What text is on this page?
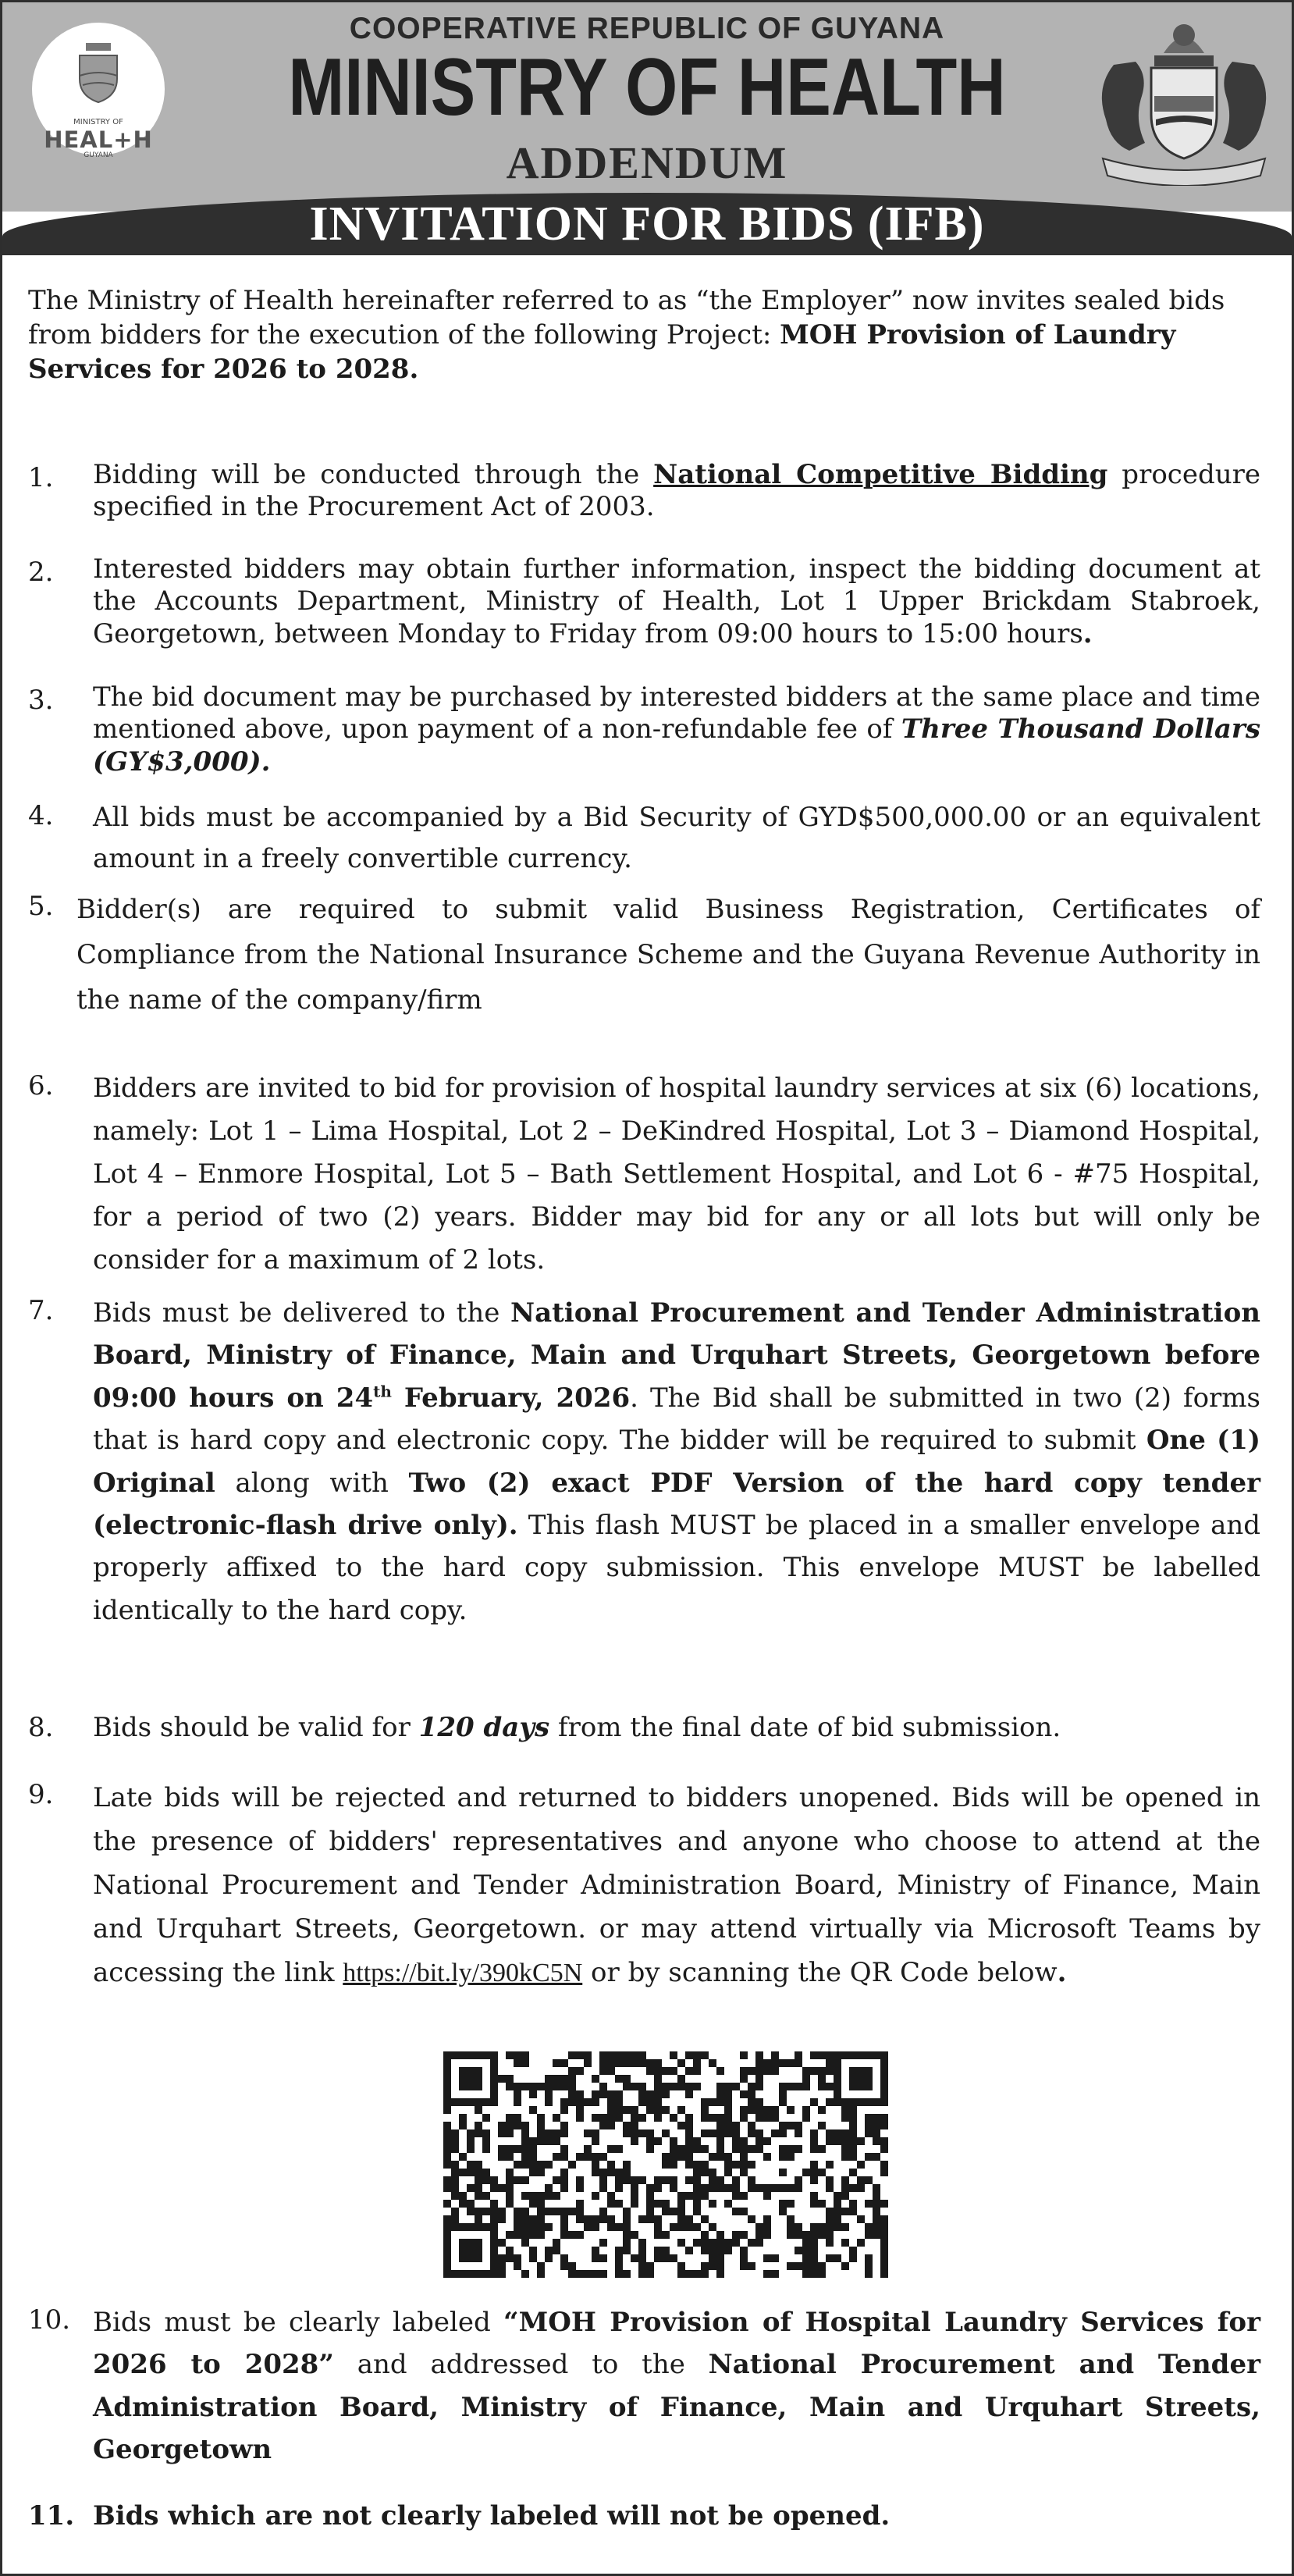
MINISTRY OF
HEAL+H
GUYANA
COOPERATIVE REPUBLIC OF GUYANA
MINISTRY OF HEALTH
ADDENDUM
INVITATION FOR BIDS (IFB)
The Ministry of Health hereinafter referred to as “the Employer” now invites sealed bids from bidders for the execution of the following Project: MOH Provision of Laundry Services for 2026 to 2028.
1.	Bidding will be conducted through the National Competitive Bidding procedure specified in the Procurement Act of 2003.
2.	Interested bidders may obtain further information, inspect the bidding document at the Accounts Department, Ministry of Health, Lot 1 Upper Brickdam Stabroek, Georgetown, between Monday to Friday from 09:00 hours to 15:00 hours.
3.	The bid document may be purchased by interested bidders at the same place and time mentioned above, upon payment of a non-refundable fee of Three Thousand Dollars (GY$3,000).
4.	All bids must be accompanied by a Bid Security of GYD$500,000.00 or an equivalent amount in a freely convertible currency.
5. Bidder(s) are required to submit valid Business Registration, Certificates of Compliance from the National Insurance Scheme and the Guyana Revenue Authority in the name of the company/firm
6.	Bidders are invited to bid for provision of hospital laundry services at six (6) locations, namely: Lot 1 – Lima Hospital, Lot 2 – DeKindred Hospital, Lot 3 – Diamond Hospital, Lot 4 – Enmore Hospital, Lot 5 – Bath Settlement Hospital, and Lot 6 - #75 Hospital, for a period of two (2) years. Bidder may bid for any or all lots but will only be consider for a maximum of 2 lots.
7.	Bids must be delivered to the National Procurement and Tender Administration Board, Ministry of Finance, Main and Urquhart Streets, Georgetown before 09:00 hours on 24th February, 2026. The Bid shall be submitted in two (2) forms that is hard copy and electronic copy. The bidder will be required to submit One (1) Original along with Two (2) exact PDF Version of the hard copy tender (electronic-flash drive only). This flash MUST be placed in a smaller envelope and properly affixed to the hard copy submission. This envelope MUST be labelled identically to the hard copy.
8.	Bids should be valid for 120 days from the final date of bid submission.
9.	Late bids will be rejected and returned to bidders unopened. Bids will be opened in the presence of bidders' representatives and anyone who choose to attend at the National Procurement and Tender Administration Board, Ministry of Finance, Main and Urquhart Streets, Georgetown. or may attend virtually via Microsoft Teams by accessing the link https://bit.ly/390kC5N or by scanning the QR Code below.
10. Bids must be clearly labeled “MOH Provision of Hospital Laundry Services for 2026 to 2028” and addressed to the National Procurement and Tender Administration Board, Ministry of Finance, Main and Urquhart Streets, Georgetown
11. Bids which are not clearly labeled will not be opened.
